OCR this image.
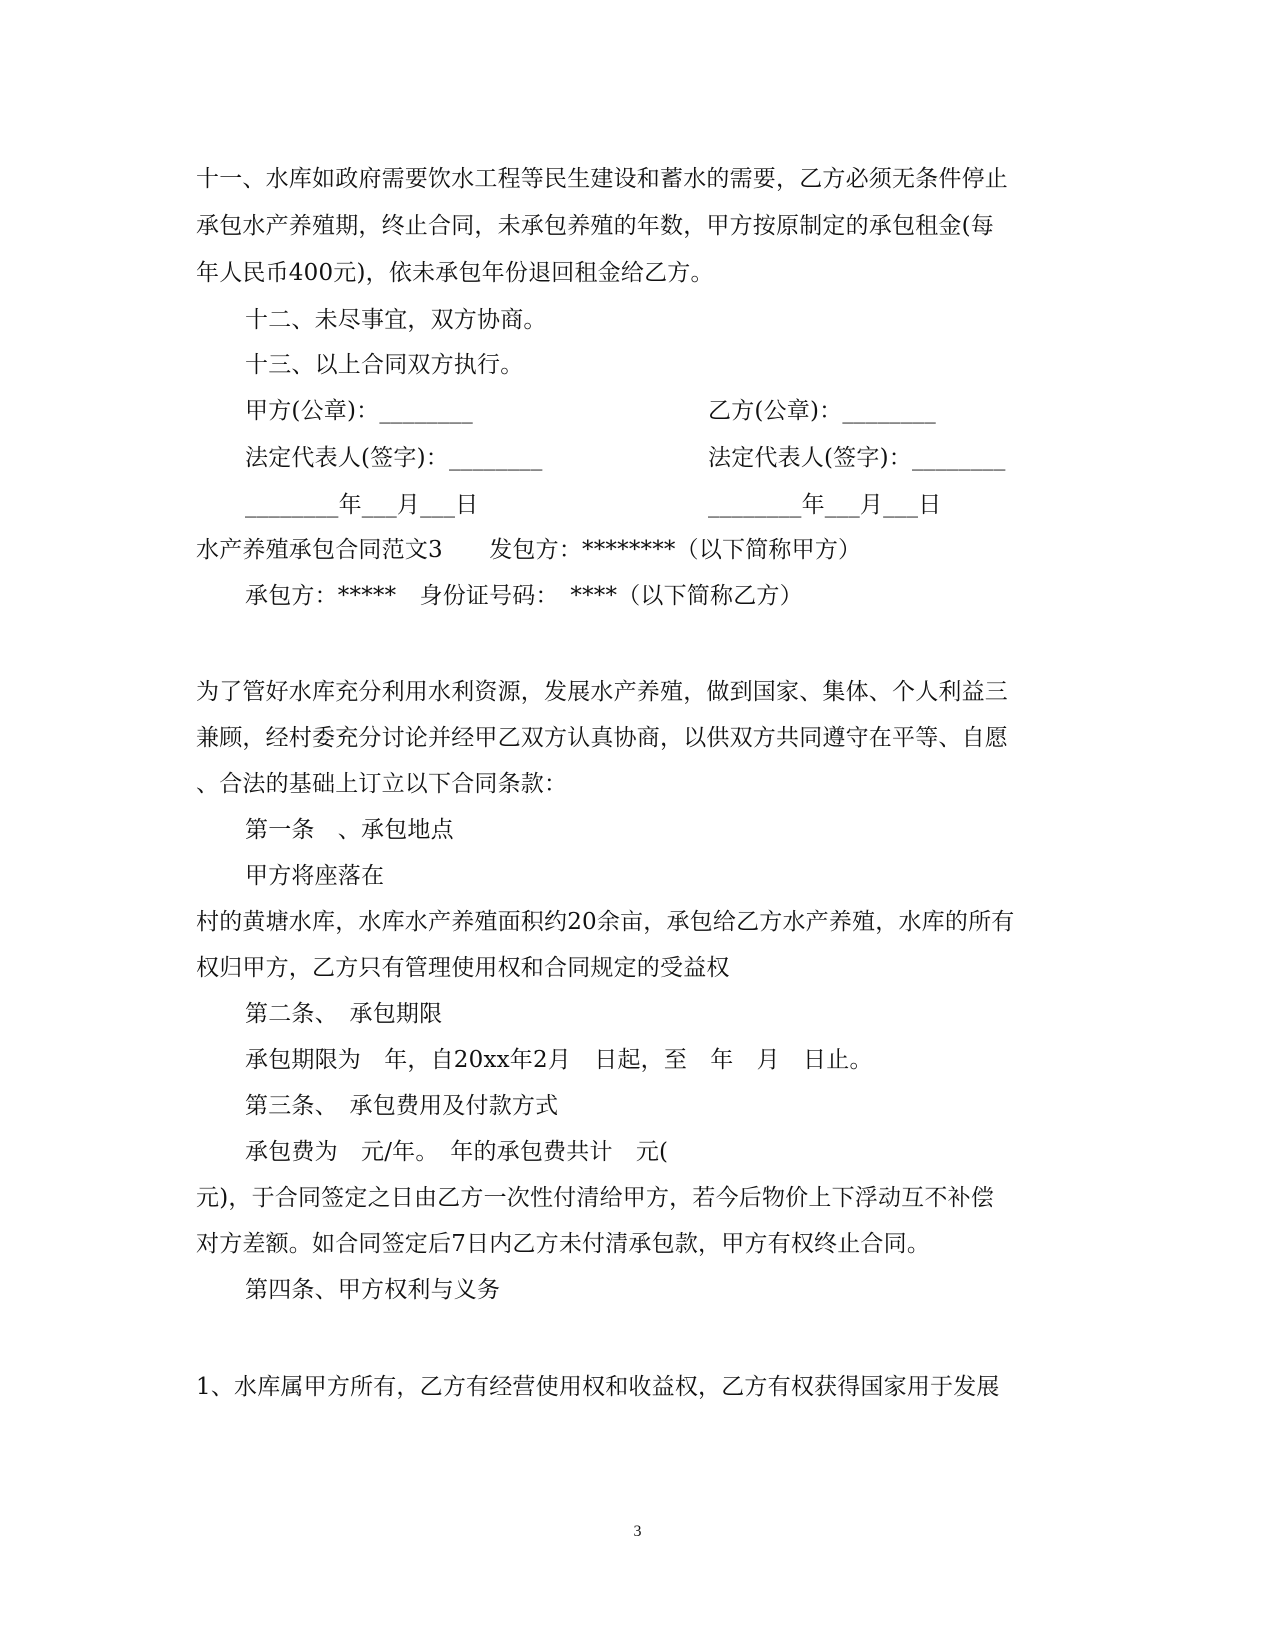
十一、水库如政府需要饮水工程等民生建设和蓄水的需要，乙方必须无条件停止
承包水产养殖期，终止合同，未承包养殖的年数，甲方按原制定的承包租金(每
年人民币400元)，依未承包年份退回租金给乙方。
十二、未尽事宜，双方协商。
十三、以上合同双方执行。
甲方(公章)：________	乙方(公章)：________
法定代表人(签字)：________	法定代表人(签字)：________
________年___月___日	________年___月___日
水产养殖承包合同范文3　　发包方：********（以下简称甲方）
承包方：*****　身份证号码：　****（以下简称乙方）
为了管好水库充分利用水利资源，发展水产养殖，做到国家、集体、个人利益三
兼顾，经村委充分讨论并经甲乙双方认真协商，以供双方共同遵守在平等、自愿
、合法的基础上订立以下合同条款：
第一条　、承包地点
甲方将座落在
村的黄塘水库，水库水产养殖面积约20余亩，承包给乙方水产养殖，水库的所有
权归甲方，乙方只有管理使用权和合同规定的受益权
第二条、　承包期限
承包期限为　年，自20xx年2月　日起，至　年　月　日止。
第三条、　承包费用及付款方式
承包费为　元/年。　年的承包费共计　元(
元)，于合同签定之日由乙方一次性付清给甲方，若今后物价上下浮动互不补偿
对方差额。如合同签定后7日内乙方未付清承包款，甲方有权终止合同。
第四条、甲方权利与义务
1、水库属甲方所有，乙方有经营使用权和收益权，乙方有权获得国家用于发展
3
